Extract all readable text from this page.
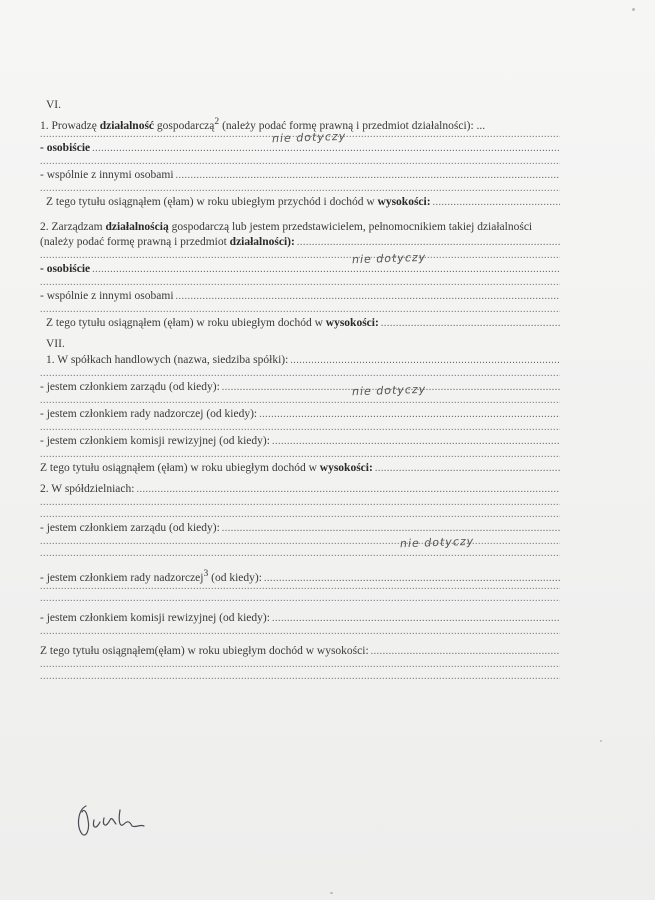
VI.
1. Prowadzę działalność gospodarczą$^2$ (należy podać formę prawną i przedmiot działalności): ...
.....
- osobiście
.....
.....
- wspólnie z innymi osobami
.....
.....
Z tego tytułu osiągnąłem (ęłam) w roku ubiegłym przychód i dochód w wysokości:
.....
2. Zarządzam działalnością gospodarczą lub jestem przedstawicielem, pełnomocnikiem takiej działalności
(należy podać formę prawną i przedmiot działalności):
.....
.....
- osobiście
.....
.....
- wspólnie z innymi osobami
.....
.....
Z tego tytułu osiągnąłem (ęłam) w roku ubiegłym dochód w wysokości:
.....
VII.
1. W spółkach handlowych (nazwa, siedziba spółki):
.....
.....
- jestem członkiem zarządu (od kiedy):
.....
.....
- jestem członkiem rady nadzorczej (od kiedy):
.....
.....
- jestem członkiem komisji rewizyjnej (od kiedy):
.....
.....
Z tego tytułu osiągnąłem (ęłam) w roku ubiegłym dochód w wysokości:
.....
2. W spółdzielniach:
.....
.....
.....
- jestem członkiem zarządu (od kiedy):
.....
.....
.....
- jestem członkiem rady nadzorczej$^3$ (od kiedy):
.....
.....
.....
- jestem członkiem komisji rewizyjnej (od kiedy):
.....
.....
Z tego tytułu osiągnąłem(ęłam) w roku ubiegłym dochód w wysokości:
.....
.....
.....
nie dotyczy
nie dotyczy
nie dotyczy
nie dotyczy
